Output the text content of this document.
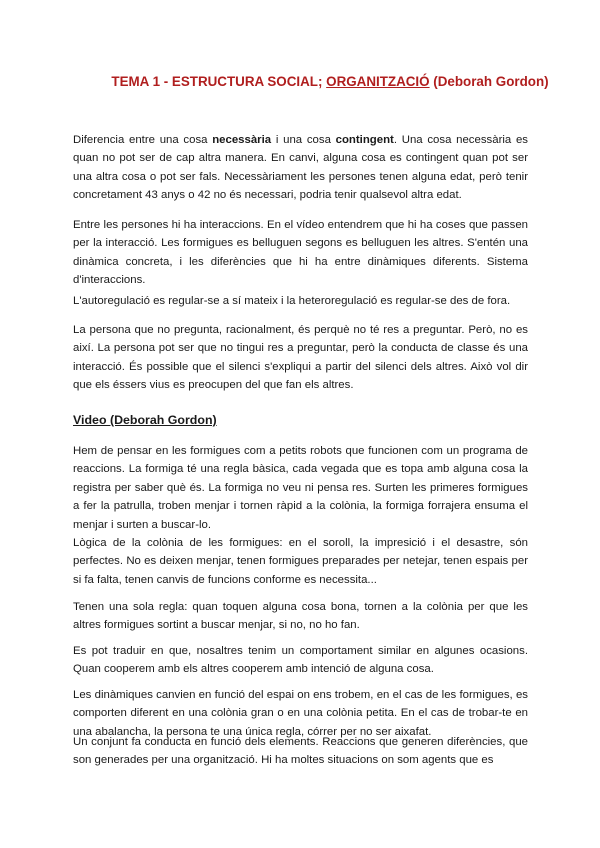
TEMA 1 - ESTRUCTURA SOCIAL; ORGANITZACIÓ (Deborah Gordon)

Diferencia entre una cosa necessària i una cosa contingent. Una cosa necessària es quan no pot ser de cap altra manera. En canvi, alguna cosa es contingent quan pot ser una altra cosa o pot ser fals. Necessàriament les persones tenen alguna edat, però tenir concretament 43 anys o 42 no és necessari, podria tenir qualsevol altra edat.

Entre les persones hi ha interaccions. En el vídeo entendrem que hi ha coses que passen per la interacció. Les formigues es belluguen segons es belluguen les altres. S'entén una dinàmica concreta, i les diferències que hi ha entre dinàmiques diferents. Sistema d'interaccions.

L'autoregulació es regular-se a sí mateix i la heteroregulació es regular-se des de fora.

La persona que no pregunta, racionalment, és perquè no té res a preguntar. Però, no es així. La persona pot ser que no tingui res a preguntar, però la conducta de classe és una interacció. És possible que el silenci s'expliqui a partir del silenci dels altres. Això vol dir que els éssers vius es preocupen del que fan els altres.

Video (Deborah Gordon)

Hem de pensar en les formigues com a petits robots que funcionen com un programa de reaccions. La formiga té una regla bàsica, cada vegada que es topa amb alguna cosa la registra per saber què és. La formiga no veu ni pensa res. Surten les primeres formigues a fer la patrulla, troben menjar i tornen ràpid a la colònia, la formiga forrajera ensuma el menjar i surten a buscar-lo.

Lògica de la colònia de les formigues: en el soroll, la impresició i el desastre, són perfectes. No es deixen menjar, tenen formigues preparades per netejar, tenen espais per si fa falta, tenen canvis de funcions conforme es necessita...

Tenen una sola regla: quan toquen alguna cosa bona, tornen a la colònia per que les altres formigues sortint a buscar menjar, si no, no ho fan.

Es pot traduir en que, nosaltres tenim un comportament similar en algunes ocasions. Quan cooperem amb els altres cooperem amb intenció de alguna cosa.

Les dinàmiques canvien en funció del espai on ens trobem, en el cas de les formigues, es comporten diferent en una colònia gran o en una colònia petita. En el cas de trobar-te en una abalancha, la persona te una única regla, córrer per no ser aixafat.

Un conjunt fa conducta en funció dels elements. Reaccions que generen diferències, que son generades per una organització. Hi ha moltes situacions on som agents que es
